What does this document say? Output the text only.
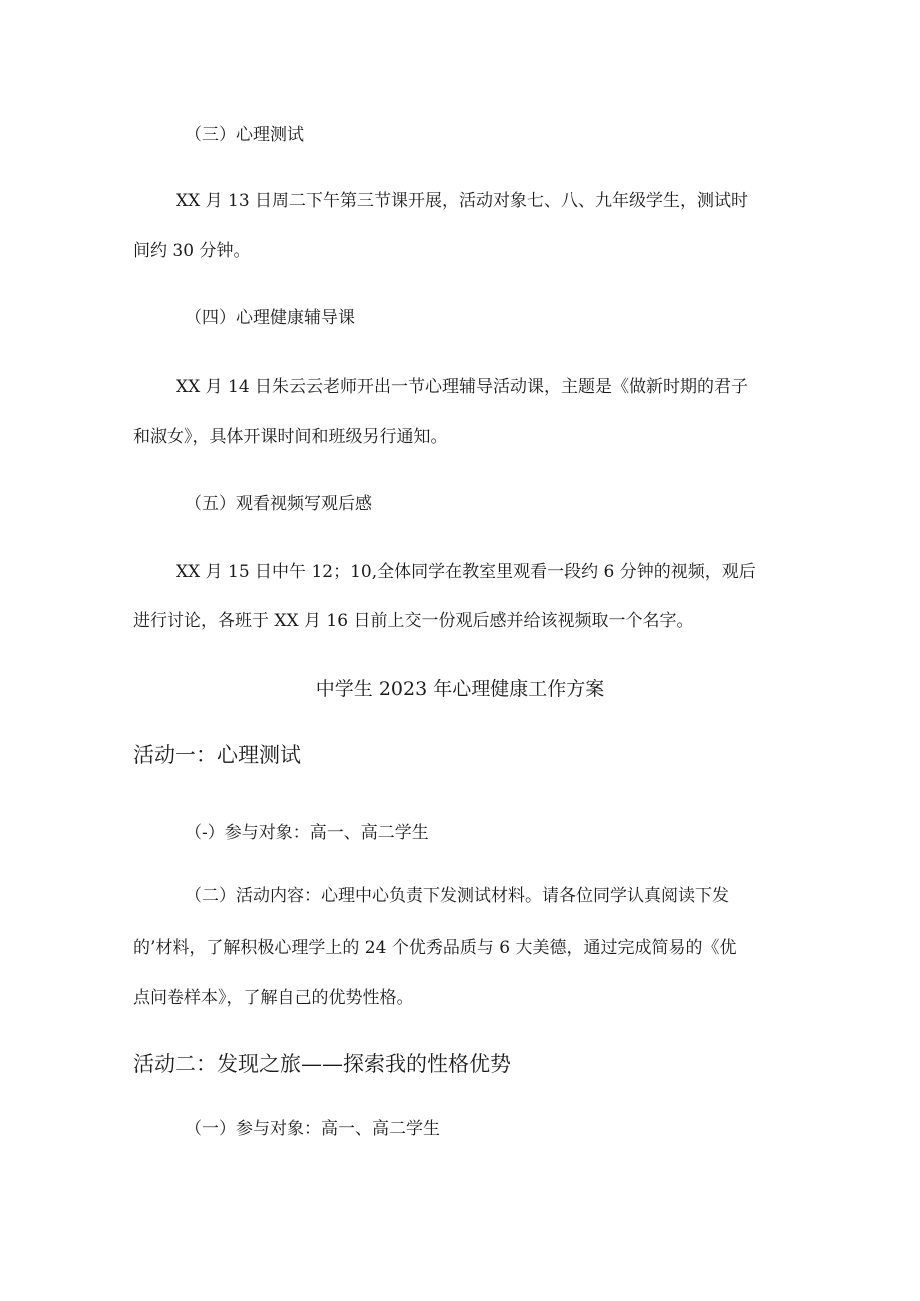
（三）心理测试
XX 月 13 日周二下午第三节课开展，活动对象七、八、九年级学生，测试时
间约 30 分钟。
（四）心理健康辅导课
XX 月 14 日朱云云老师开出一节心理辅导活动课，主题是《做新时期的君子
和淑女》，具体开课时间和班级另行通知。
（五）观看视频写观后感
XX 月 15 日中午 12；10,全体同学在教室里观看一段约 6 分钟的视频，观后
进行讨论，各班于 XX 月 16 日前上交一份观后感并给该视频取一个名字。
中学生 2023 年心理健康工作方案
活动一：心理测试
（-）参与对象：高一、高二学生
（二）活动内容：心理中心负责下发测试材料。请各位同学认真阅读下发
的’材料，了解积极心理学上的 24 个优秀品质与 6 大美德，通过完成简易的《优
点问卷样本》，了解自己的优势性格。
活动二：发现之旅——探索我的性格优势
（一）参与对象：高一、高二学生
